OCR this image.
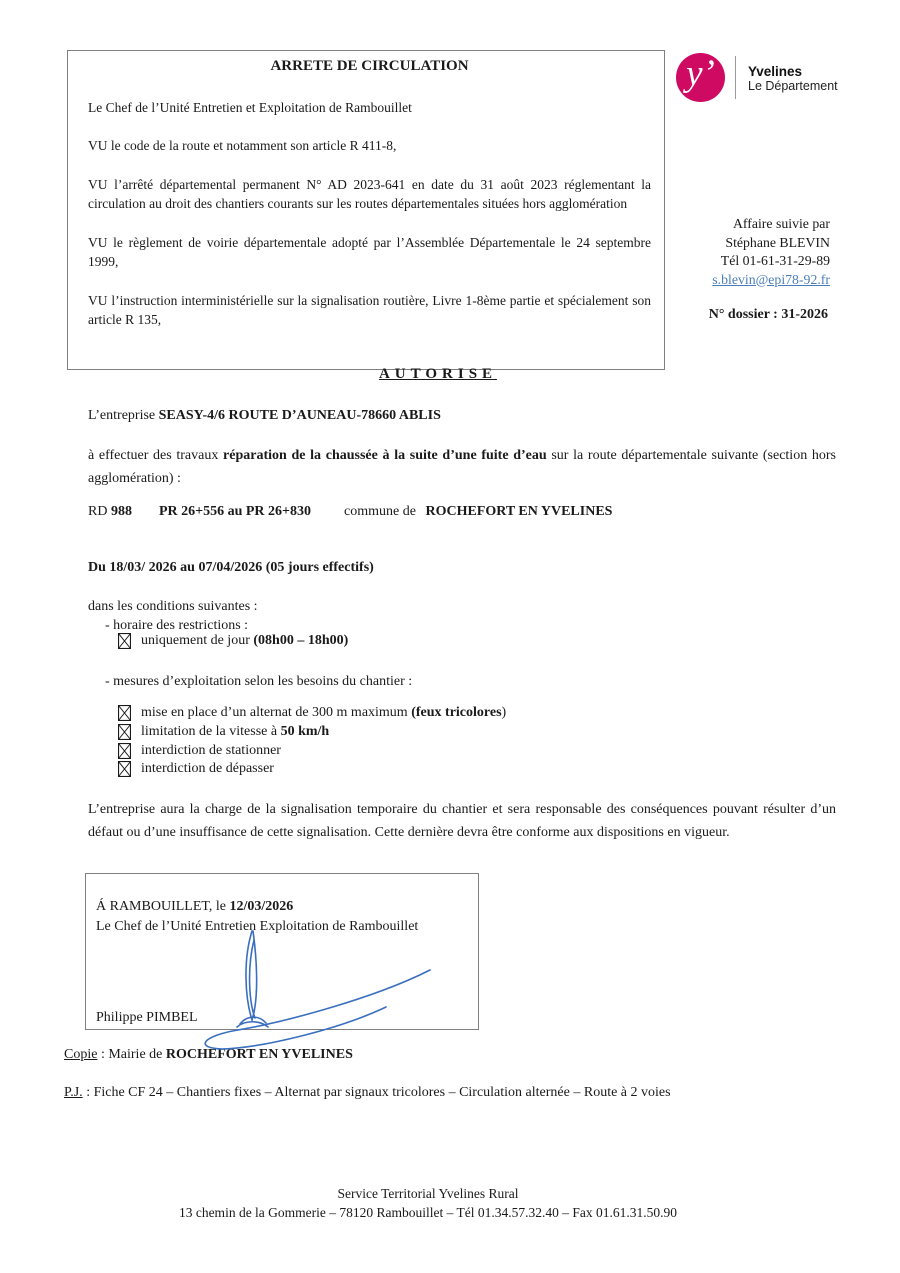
ARRETE DE CIRCULATION

Le Chef de l’Unité Entretien et Exploitation de Rambouillet

VU le code de la route et notamment son article R 411-8,

VU l’arrêté départemental permanent N° AD 2023-641 en date du 31 août 2023 réglementant la circulation au droit des chantiers courants sur les routes départementales situées hors agglomération

VU le règlement de voirie départementale adopté par l’Assemblée Départementale le 24 septembre 1999,

VU l’instruction interministérielle sur la signalisation routière, Livre 1-8ème partie et spécialement son article R 135,

y’	Yvelines
Le Département
Affaire suivie par
Stéphane BLEVIN
Tél 01-61-31-29-89
s.blevin@epi78-92.fr
N° dossier : 31-2026
AUTORISE
L’entreprise SEASY-4/6 ROUTE D’AUNEAU-78660 ABLIS
à effectuer des travaux réparation de la chaussée à la suite d’une fuite d’eau sur la route départementale suivante (section hors agglomération) :
RD 988 PR 26+556 au PR 26+830 commune de ROCHEFORT EN YVELINES
Du 18/03/ 2026 au 07/04/2026 (05 jours effectifs)
dans les conditions suivantes :
- horaire des restrictions :
uniquement de jour (08h00 – 18h00)
- mesures d’exploitation selon les besoins du chantier :
mise en place d’un alternat de 300 m maximum (feux tricolores)
limitation de la vitesse à 50 km/h
interdiction de stationner
interdiction de dépasser
L’entreprise aura la charge de la signalisation temporaire du chantier et sera responsable des conséquences pouvant résulter d’un défaut ou d’une insuffisance de cette signalisation. Cette dernière devra être conforme aux dispositions en vigueur.
Á RAMBOUILLET, le 12/03/2026
Le Chef de l’Unité Entretien Exploitation de Rambouillet
Philippe PIMBEL
Copie : Mairie de ROCHEFORT EN YVELINES
P.J. : Fiche CF 24 – Chantiers fixes – Alternat par signaux tricolores – Circulation alternée – Route à 2 voies
Service Territorial Yvelines Rural
13 chemin de la Gommerie – 78120 Rambouillet – Tél 01.34.57.32.40 – Fax 01.61.31.50.90
